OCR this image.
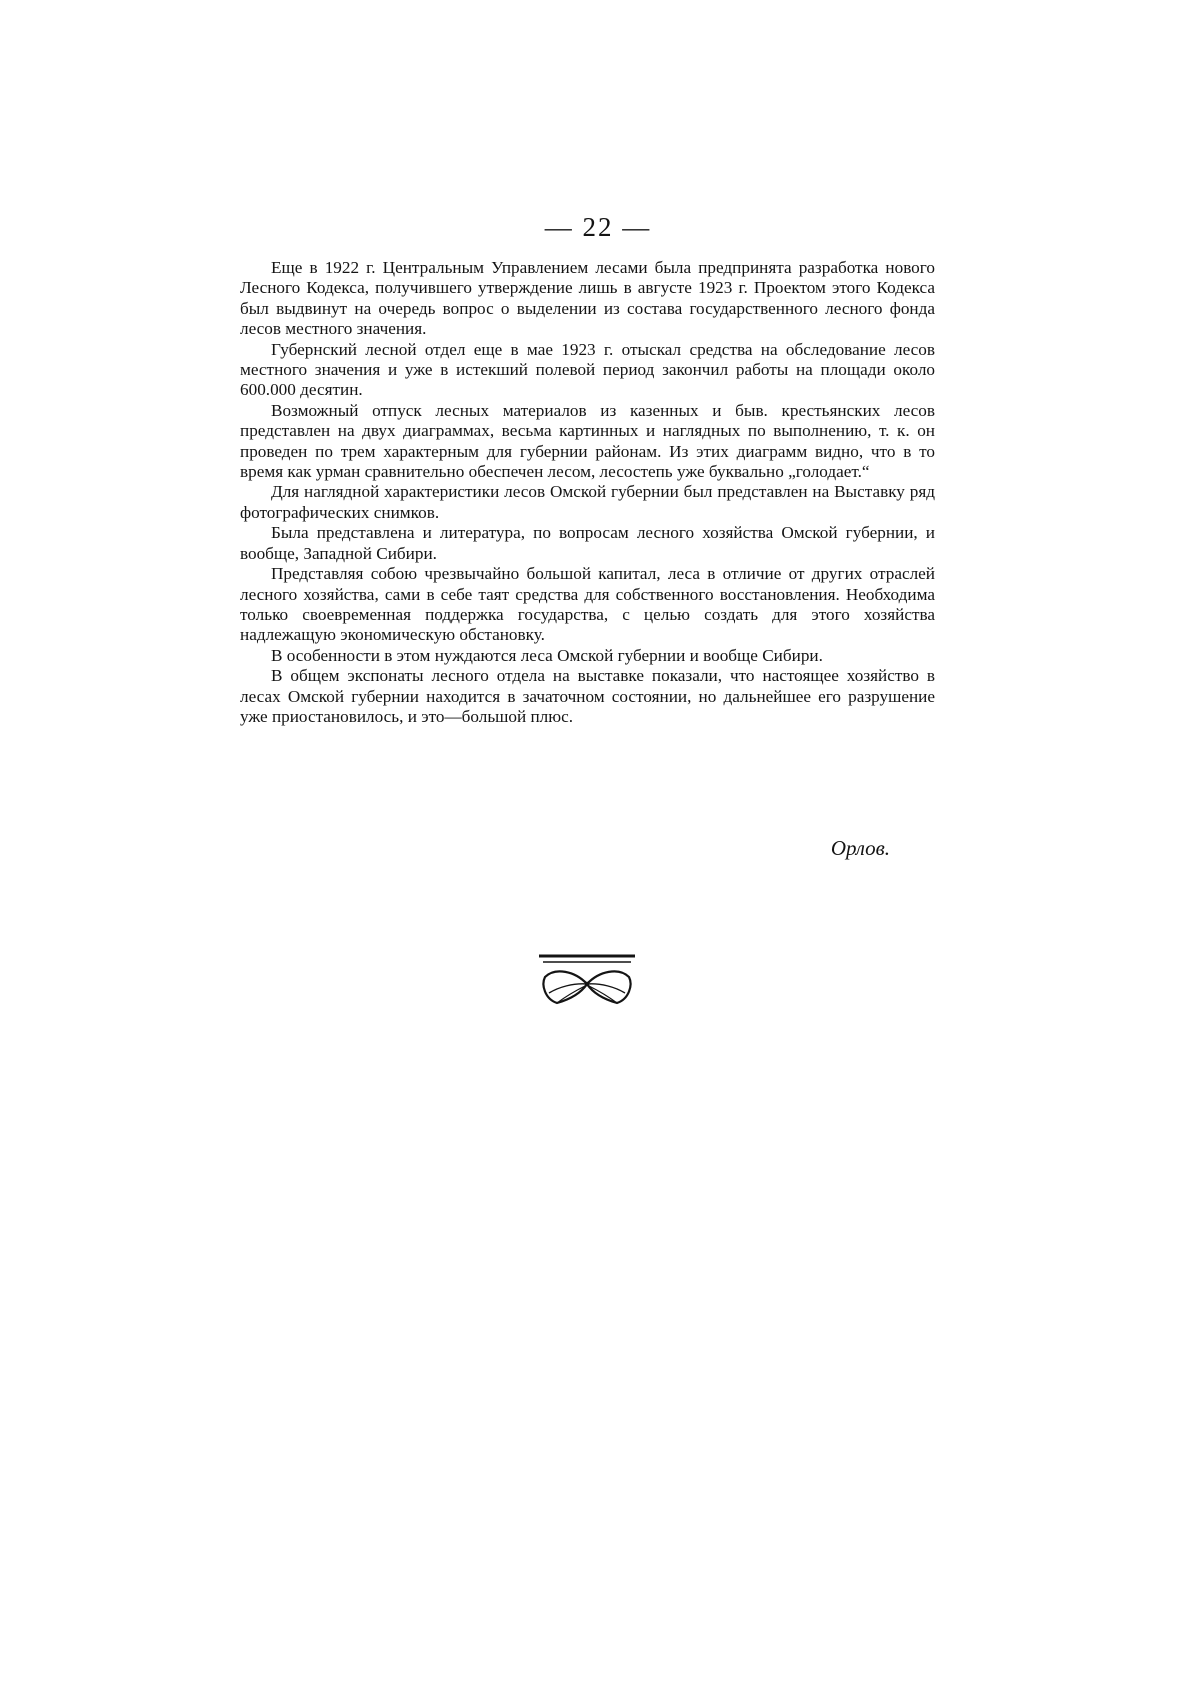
— 22 —

Еще в 1922 г. Центральным Управлением лесами была предпринята разработка нового Лесного Кодекса, получившего утверждение лишь в августе 1923 г. Проектом этого Кодекса был выдвинут на очередь вопрос о выделении из состава государственного лесного фонда лесов местного значения.

Губернский лесной отдел еще в мае 1923 г. отыскал средства на обследование лесов местного значения и уже в истекший полевой период закончил работы на площади около 600.000 десятин.

Возможный отпуск лесных материалов из казенных и быв. крестьянских лесов представлен на двух диаграммах, весьма картинных и наглядных по выполнению, т. к. он проведен по трем характерным для губернии районам. Из этих диаграмм видно, что в то время как урман сравнительно обеспечен лесом, лесостепь уже буквально „голодает.“

Для наглядной характеристики лесов Омской губернии был представлен на Выставку ряд фотографических снимков.

Была представлена и литература, по вопросам лесного хозяйства Омской губернии, и вообще, Западной Сибири.

Представляя собою чрезвычайно большой капитал, леса в отличие от других отраслей лесного хозяйства, сами в себе таят средства для собственного восстановления. Необходима только своевременная поддержка государства, с целью создать для этого хозяйства надлежащую экономическую обстановку.

В особенности в этом нуждаются леса Омской губернии и вообще Сибири.

В общем экспонаты лесного отдела на выставке показали, что настоящее хозяйство в лесах Омской губернии находится в зачаточном состоянии, но дальнейшее его разрушение уже приостановилось, и это—большой плюс.

Орлов.
